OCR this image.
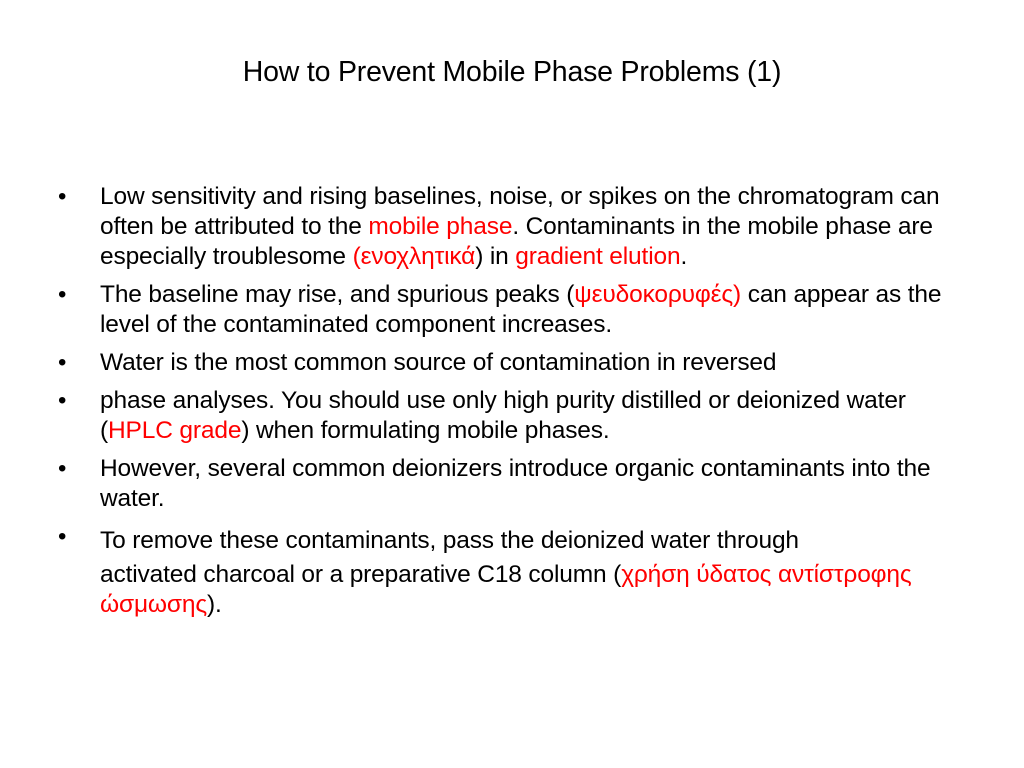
How to Prevent Mobile Phase Problems (1)
•	Low sensitivity and rising baselines, noise, or spikes on the chromatogram can often be attributed to the mobile phase. Contaminants in the mobile phase are especially troublesome (ενοχλητικά) in gradient elution.
•	The baseline may rise, and spurious peaks (ψευδοκορυφές) can appear as the level of the contaminated component increases.
•	Water is the most common source of contamination in reversed
•	phase analyses. You should use only high purity distilled or deionized water (HPLC grade) when formulating mobile phases.
•	However, several common deionizers introduce organic contaminants into the water.
•	To remove these contaminants, pass the deionized water through
activated charcoal or a preparative C18 column (χρήση ύδατος αντίστροφης ώσμωσης).
